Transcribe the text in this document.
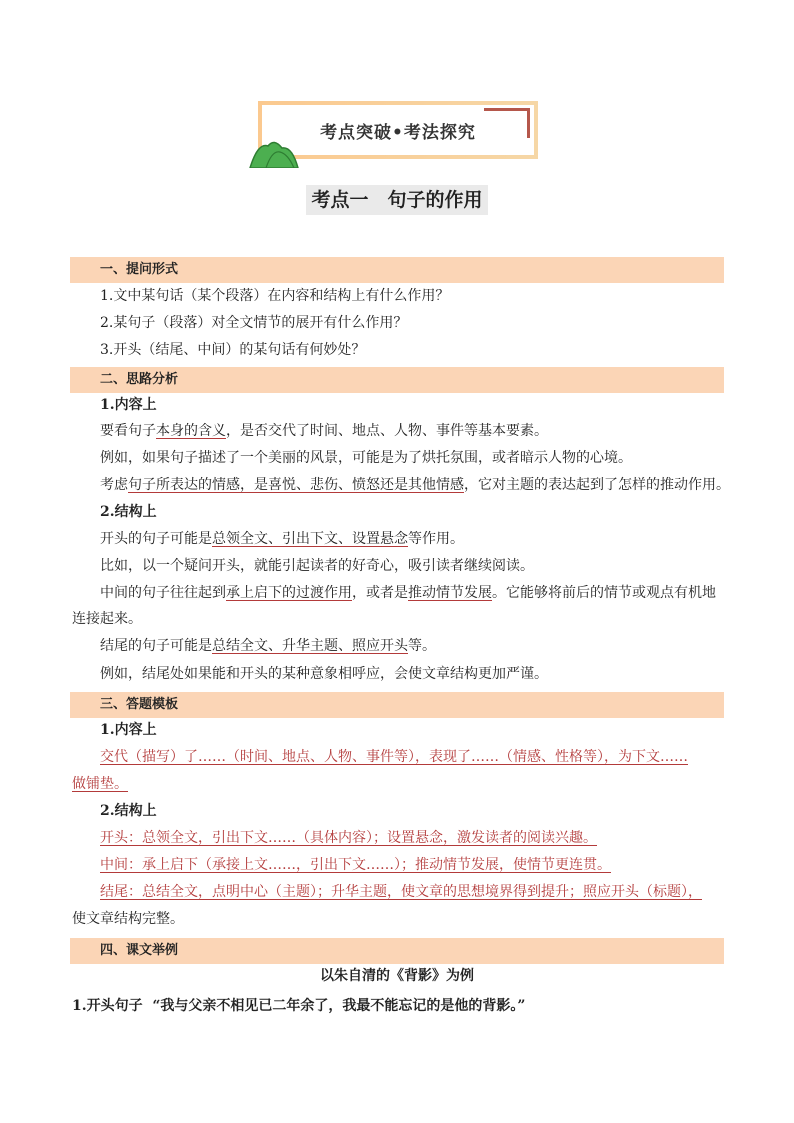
考点突破•考法探究
考点一　句子的作用
一、提问形式
1.文中某句话（某个段落）在内容和结构上有什么作用？
2.某句子（段落）对全文情节的展开有什么作用？
3.开头（结尾、中间）的某句话有何妙处？
二、思路分析
1.内容上
要看句子本身的含义，是否交代了时间、地点、人物、事件等基本要素。
例如，如果句子描述了一个美丽的风景，可能是为了烘托氛围，或者暗示人物的心境。
考虑句子所表达的情感，是喜悦、悲伤、愤怒还是其他情感，它对主题的表达起到了怎样的推动作用。
2.结构上
开头的句子可能是总领全文、引出下文、设置悬念等作用。
比如，以一个疑问开头，就能引起读者的好奇心，吸引读者继续阅读。
中间的句子往往起到承上启下的过渡作用，或者是推动情节发展。它能够将前后的情节或观点有机地
连接起来。
结尾的句子可能是总结全文、升华主题、照应开头等。
例如，结尾处如果能和开头的某种意象相呼应，会使文章结构更加严谨。
三、答题模板
1.内容上
交代（描写）了……（时间、地点、人物、事件等），表现了……（情感、性格等），为下文……
做铺垫。
2.结构上
开头：总领全文，引出下文……（具体内容）；设置悬念，激发读者的阅读兴趣。
中间：承上启下（承接上文……，引出下文……）；推动情节发展，使情节更连贯。
结尾：总结全文，点明中心（主题）；升华主题，使文章的思想境界得到提升；照应开头（标题），
使文章结构完整。
四、课文举例
以朱自清的《背影》为例
1.开头句子 “我与父亲不相见已二年余了，我最不能忘记的是他的背影。”
